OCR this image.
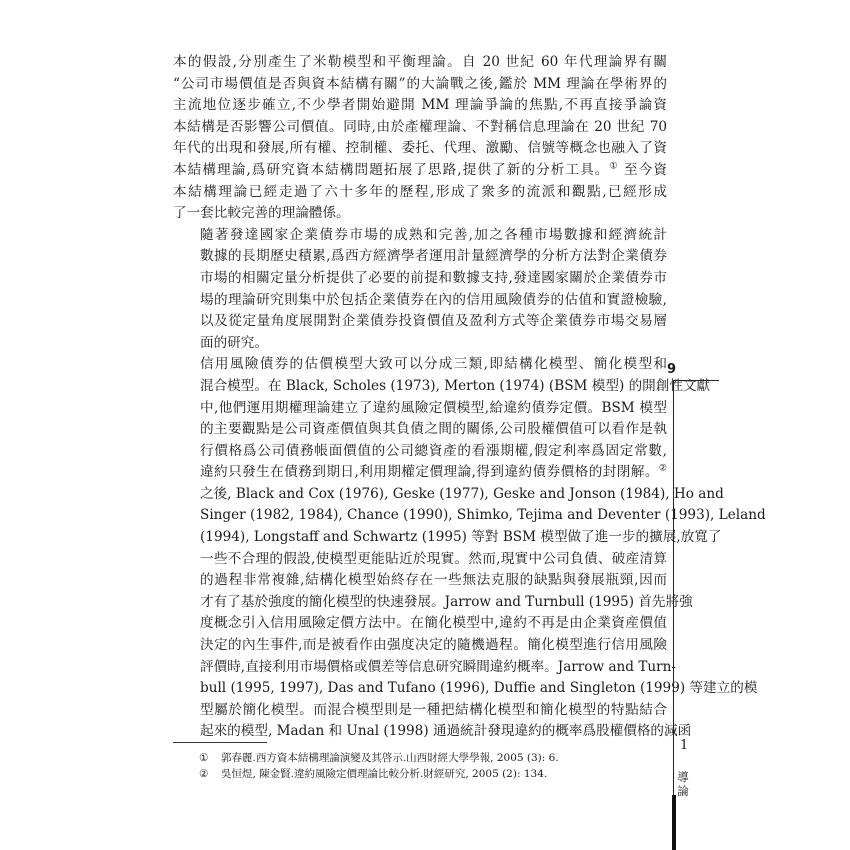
本的假設,分別產生了米勒模型和平衡理論。自 20 世紀 60 年代理論界有關
“公司市場價值是否與資本結構有關”的大論戰之後,鑑於 MM 理論在學術界的
主流地位逐步確立,不少學者開始避開 MM 理論爭論的焦點,不再直接爭論資
本結構是否影響公司價值。同時,由於產權理論、不對稱信息理論在 20 世紀 70
年代的出現和發展,所有權、控制權、委托、代理、激勵、信號等概念也融入了資
本結構理論,爲研究資本結構問題拓展了思路,提供了新的分析工具。① 至今資
本結構理論已經走過了六十多年的歷程,形成了衆多的流派和觀點,已經形成
了一套比較完善的理論體係。

隨著發達國家企業債券市場的成熟和完善,加之各種市場數據和經濟統計
數據的長期歷史積累,爲西方經濟學者運用計量經濟學的分析方法對企業債券
市場的相關定量分析提供了必要的前提和數據支持,發達國家關於企業債券市
場的理論研究則集中於包括企業債券在內的信用風險債券的估值和實證檢驗,
以及從定量角度展開對企業債券投資價值及盈利方式等企業債券市場交易層
面的研究。

信用風險債券的估價模型大致可以分成三類,即結構化模型、簡化模型和
混合模型。在 Black, Scholes (1973), Merton (1974) (BSM 模型) 的開創性文獻
中,他們運用期權理論建立了違約風險定價模型,給違約債券定價。BSM 模型
的主要觀點是公司資產價值與其負債之間的關係,公司股權價值可以看作是執
行價格爲公司債務帳面價值的公司總資產的看漲期權,假定利率爲固定常數,
違約只發生在債務到期日,利用期權定價理論,得到違約債券價格的封閉解。②
之後, Black and Cox (1976), Geske (1977), Geske and Jonson (1984), Ho and
Singer (1982, 1984), Chance (1990), Shimko, Tejima and Deventer (1993), Leland
(1994), Longstaff and Schwartz (1995) 等對 BSM 模型做了進一步的擴展,放寬了
一些不合理的假設,使模型更能貼近於現實。然而,現實中公司負債、破産清算
的過程非常複雜,結構化模型始終存在一些無法克服的缺點與發展瓶頸,因而
才有了基於強度的簡化模型的快速發展。Jarrow and Turnbull (1995) 首先將強
度概念引入信用風險定價方法中。在簡化模型中,違約不再是由企業資産價值
決定的內生事件,而是被看作由强度决定的隨機過程。簡化模型進行信用風險
評價時,直接利用市場價格或價差等信息研究瞬間違約概率。Jarrow and Turn-
bull (1995, 1997), Das and Tufano (1996), Duffie and Singleton (1999) 等建立的模
型屬於簡化模型。而混合模型則是一種把結構化模型和簡化模型的特點結合
起來的模型, Madan 和 Unal (1998) 通過統計發現違約的概率爲股權價格的減函

① 郭春麗.西方資本結構理論演變及其啓示.山西財經大學學報, 2005 (3): 6.
② 吳恒煜, 陳金賢.違約風險定價理論比較分析.財經研究, 2005 (2): 134.
9
1
導
論
